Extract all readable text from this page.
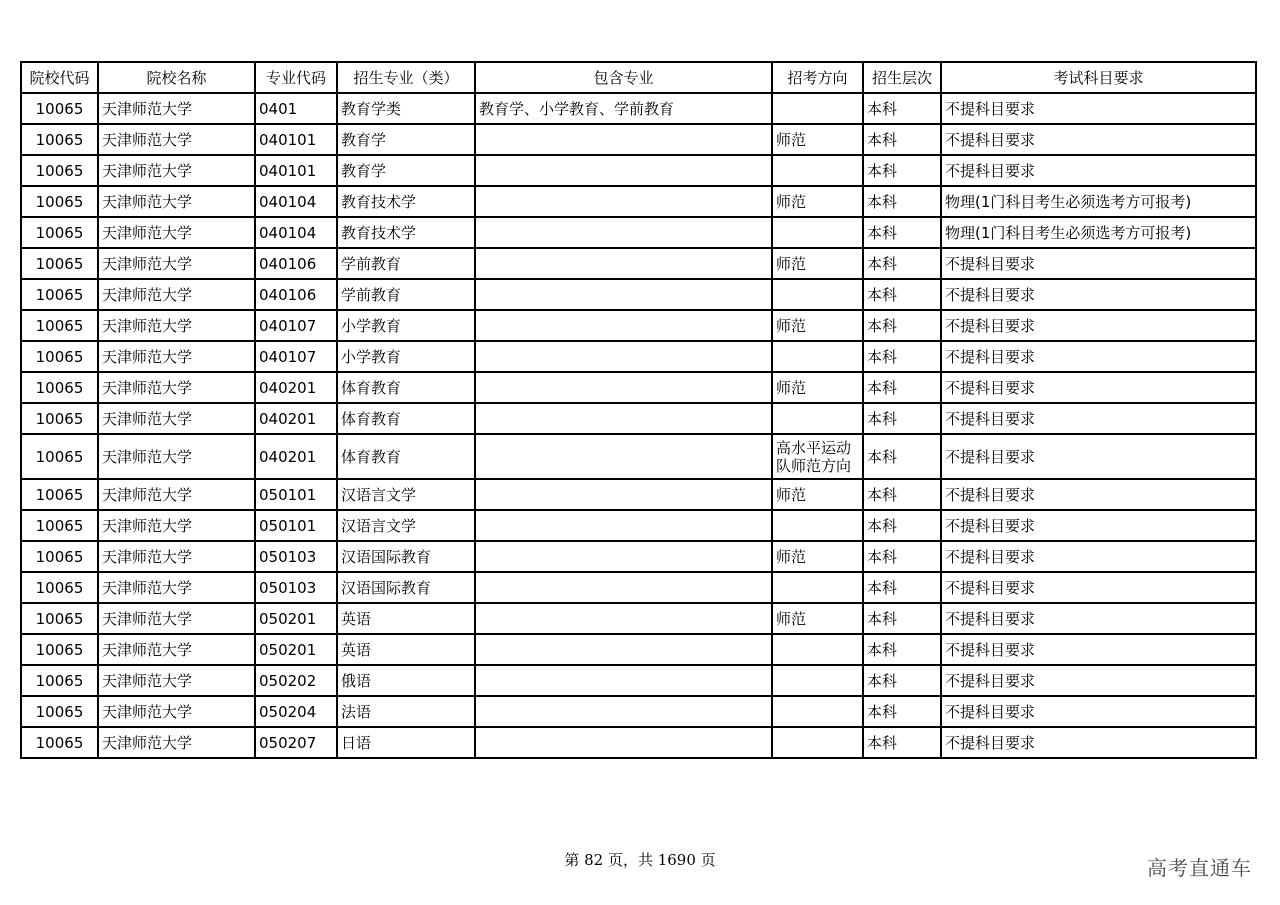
院校代码	院校名称	专业代码	招生专业（类）	包含专业	招考方向	招生层次	考试科目要求
10065	天津师范大学	0401	教育学类	教育学、小学教育、学前教育		本科	不提科目要求
10065	天津师范大学	040101	教育学		师范	本科	不提科目要求
10065	天津师范大学	040101	教育学			本科	不提科目要求
10065	天津师范大学	040104	教育技术学		师范	本科	物理(1门科目考生必须选考方可报考)
10065	天津师范大学	040104	教育技术学			本科	物理(1门科目考生必须选考方可报考)
10065	天津师范大学	040106	学前教育		师范	本科	不提科目要求
10065	天津师范大学	040106	学前教育			本科	不提科目要求
10065	天津师范大学	040107	小学教育		师范	本科	不提科目要求
10065	天津师范大学	040107	小学教育			本科	不提科目要求
10065	天津师范大学	040201	体育教育		师范	本科	不提科目要求
10065	天津师范大学	040201	体育教育			本科	不提科目要求
10065	天津师范大学	040201	体育教育		高水平运动队师范方向	本科	不提科目要求
10065	天津师范大学	050101	汉语言文学		师范	本科	不提科目要求
10065	天津师范大学	050101	汉语言文学			本科	不提科目要求
10065	天津师范大学	050103	汉语国际教育		师范	本科	不提科目要求
10065	天津师范大学	050103	汉语国际教育			本科	不提科目要求
10065	天津师范大学	050201	英语		师范	本科	不提科目要求
10065	天津师范大学	050201	英语			本科	不提科目要求
10065	天津师范大学	050202	俄语			本科	不提科目要求
10065	天津师范大学	050204	法语			本科	不提科目要求
10065	天津师范大学	050207	日语			本科	不提科目要求
第 82 页，共 1690 页	高考直通车
